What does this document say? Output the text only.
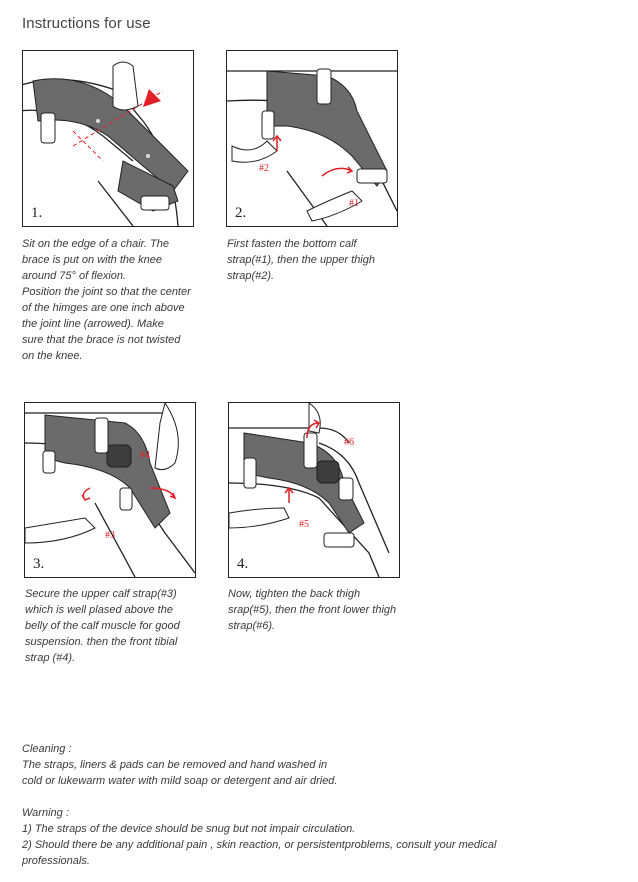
Instructions for use
1.
#2
#1
2.

Sit on the edge of a chair. The

brace is put on with the knee

around 75° of flexion.

Position the joint so that the center

of the himges are one inch above

the joint line (arrowed). Make

sure that the brace is not twisted

on the knee.

First fasten the bottom calf

strap(#1), then the upper thigh

strap(#2).

#4
#3
3.
#6
#5
4.

Secure the upper calf strap(#3)

which is well plased above the

belly of the calf muscle for good

suspension. then the front tibial

strap (#4).

Now, tighten the back thigh

srap(#5), then the front lower thigh

strap(#6).

Cleaning :

The straps, liners & pads can be removed and hand washed in

cold or lukewarm water with mild soap or detergent and air dried.

Warning :

1) The straps of the device should be snug but not impair circulation.

2) Should there be any additional pain , skin reaction, or persistentproblems, consult your medical

professionals.
